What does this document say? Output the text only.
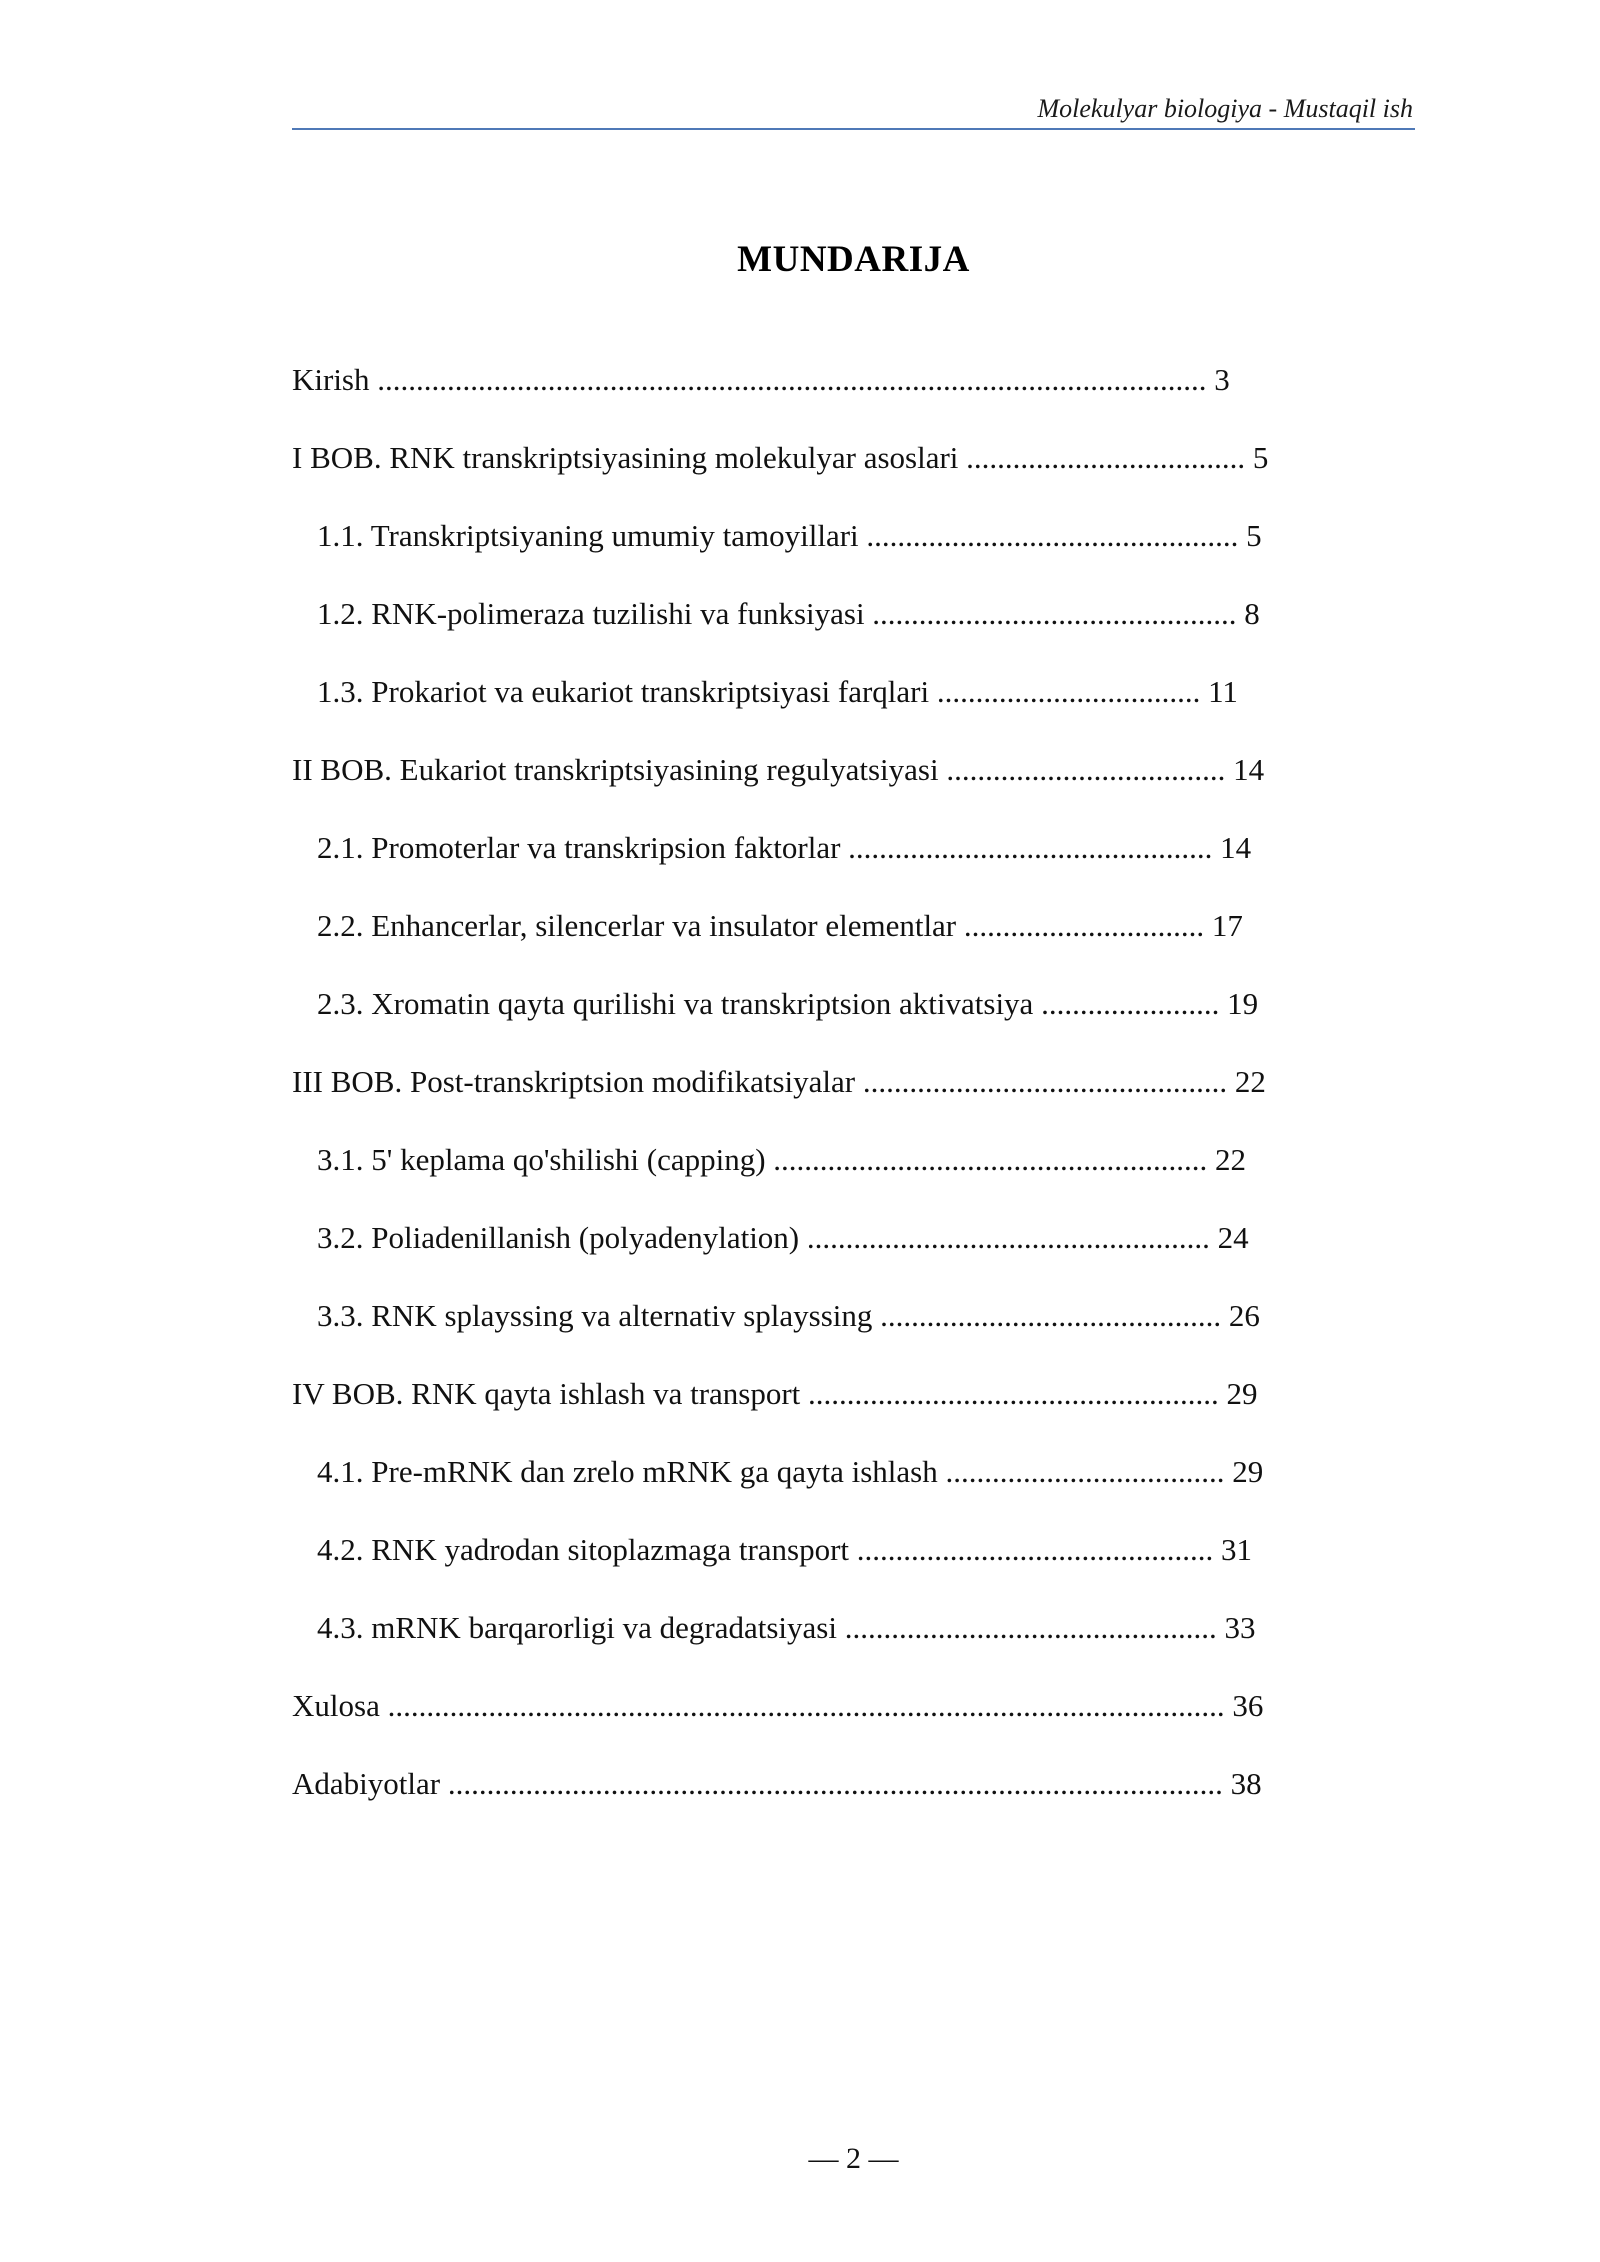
Molekulyar biologiya - Mustaqil ish
MUNDARIJA
Kirish ........................................................................................................... 3
I BOB. RNK transkriptsiyasining molekulyar asoslari .................................... 5
1.1. Transkriptsiyaning umumiy tamoyillari ................................................ 5
1.2. RNK-polimeraza tuzilishi va funksiyasi ............................................... 8
1.3. Prokariot va eukariot transkriptsiyasi farqlari .................................. 11
II BOB. Eukariot transkriptsiyasining regulyatsiyasi .................................... 14
2.1. Promoterlar va transkripsion faktorlar ............................................... 14
2.2. Enhancerlar, silencerlar va insulator elementlar ............................... 17
2.3. Xromatin qayta qurilishi va transkriptsion aktivatsiya ....................... 19
III BOB. Post-transkriptsion modifikatsiyalar ............................................... 22
3.1. 5' keplama qo'shilishi (capping) ........................................................ 22
3.2. Poliadenillanish (polyadenylation) .................................................... 24
3.3. RNK splayssing va alternativ splayssing ............................................ 26
IV BOB. RNK qayta ishlash va transport ..................................................... 29
4.1. Pre-mRNK dan zrelo mRNK ga qayta ishlash .................................... 29
4.2. RNK yadrodan sitoplazmaga transport .............................................. 31
4.3. mRNK barqarorligi va degradatsiyasi ................................................ 33
Xulosa ............................................................................................................ 36
Adabiyotlar .................................................................................................... 38
— 2 —
